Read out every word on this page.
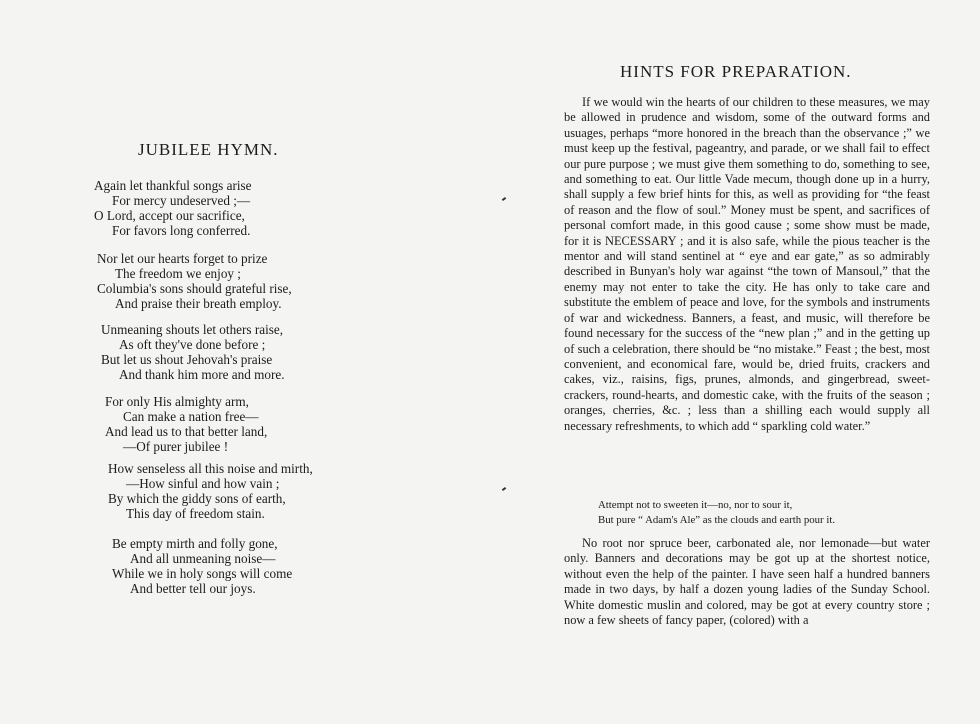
JUBILEE HYMN.
Again let thankful songs arise
For mercy undeserved ;—
O Lord, accept our sacrifice,
For favors long conferred.
Nor let our hearts forget to prize
The freedom we enjoy ;
Columbia's sons should grateful rise,
And praise their breath employ.
Unmeaning shouts let others raise,
As oft they've done before ;
But let us shout Jehovah's praise
And thank him more and more.
For only His almighty arm,
Can make a nation free—
And lead us to that better land,
—Of purer jubilee !
How senseless all this noise and mirth,
—How sinful and how vain ;
By which the giddy sons of earth,
This day of freedom stain.
Be empty mirth and folly gone,
And all unmeaning noise—
While we in holy songs will come
And better tell our joys.
HINTS FOR PREPARATION.

If we would win the hearts of our children to these measures, we may be allowed in prudence and wisdom, some of the outward forms and usuages, perhaps “more honored in the breach than the observance ;” we must keep up the festival, pageantry, and parade, or we shall fail to effect our pure purpose ; we must give them something to do, something to see, and something to eat. Our little Vade mecum, though done up in a hurry, shall supply a few brief hints for this, as well as providing for “the feast of reason and the flow of soul.” Money must be spent, and sacrifices of personal comfort made, in this good cause ; some show must be made, for it is NECESSARY ; and it is also safe, while the pious teacher is the mentor and will stand sentinel at “ eye and ear gate,” as so admirably described in Bunyan's holy war against “the town of Mansoul,” that the enemy may not enter to take the city. He has only to take care and substitute the emblem of peace and love, for the symbols and instruments of war and wickedness. Banners, a feast, and music, will therefore be found necessary for the success of the “new plan ;” and in the getting up of such a celebration, there should be “no mistake.” Feast ; the best, most convenient, and economical fare, would be, dried fruits, crackers and cakes, viz., raisins, figs, prunes, almonds, and gingerbread, sweet-crackers, round-hearts, and domestic cake, with the fruits of the season ; oranges, cherries, &c. ; less than a shilling each would supply all necessary refreshments, to which add “ sparkling cold water.”

Attempt not to sweeten it—no, nor to sour it,
But pure “ Adam's Ale” as the clouds and earth pour it.

No root nor spruce beer, carbonated ale, nor lemonade—but water only. Banners and decorations may be got up at the shortest notice, without even the help of the painter. I have seen half a hundred banners made in two days, by half a dozen young ladies of the Sunday School. White domestic muslin and colored, may be got at every country store ; now a few sheets of fancy paper, (colored) with a
